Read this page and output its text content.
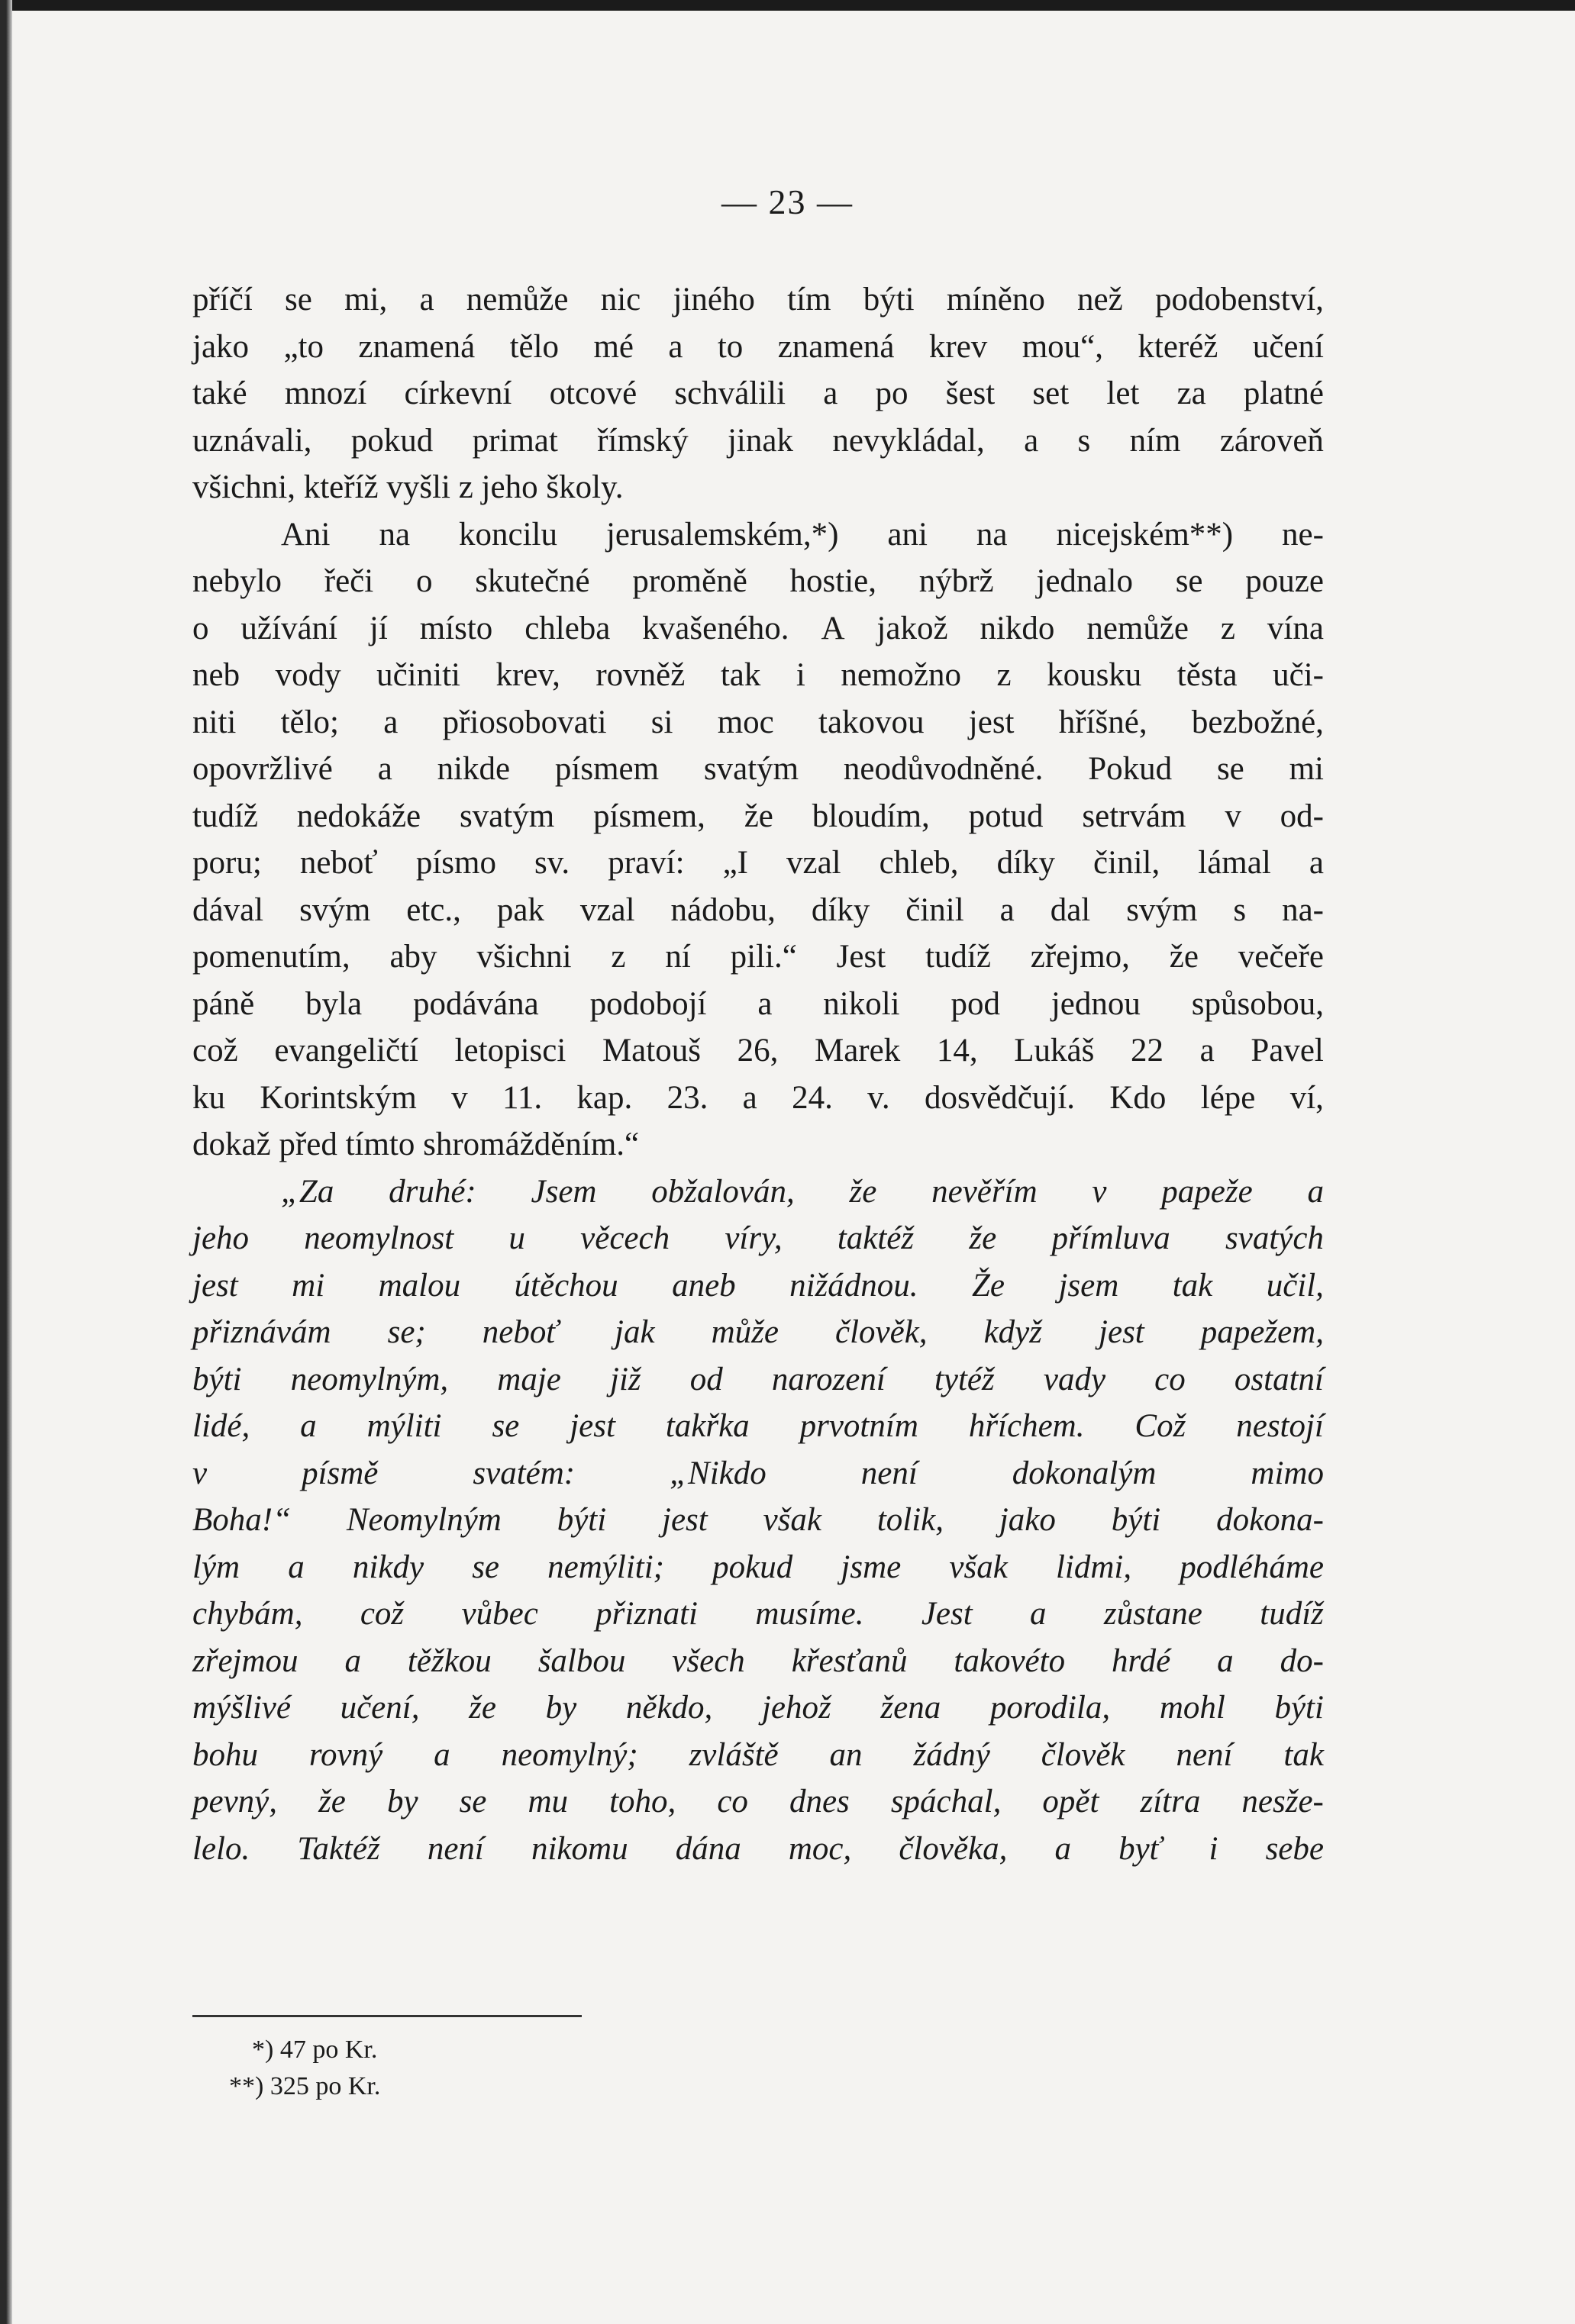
— 23 —
příčí se mi, a nemůže nic jiného tím býti míněno než podobenství,
jako „to znamená tělo mé a to znamená krev mou“, kteréž učení
také mnozí církevní otcové schválili a po šest set let za platné
uznávali, pokud primat římský jinak nevykládal, a s ním zároveň
všichni, kteříž vyšli z jeho školy.
Ani na koncilu jerusalemském,*) ani na nicejském**) ne-
nebylo řeči o skutečné proměně hostie, nýbrž jednalo se pouze
o užívání jí místo chleba kvašeného. A jakož nikdo nemůže z vína
neb vody učiniti krev, rovněž tak i nemožno z kousku těsta uči-
niti tělo; a přiosobovati si moc takovou jest hříšné, bezbožné,
opovržlivé a nikde písmem svatým neodůvodněné. Pokud se mi
tudíž nedokáže svatým písmem, že bloudím, potud setrvám v od-
poru; neboť písmo sv. praví: „I vzal chleb, díky činil, lámal a
dával svým etc., pak vzal nádobu, díky činil a dal svým s na-
pomenutím, aby všichni z ní pili.“ Jest tudíž zřejmo, že večeře
páně byla podávána podobojí a nikoli pod jednou spůsobou,
což evangeličtí letopisci Matouš 26, Marek 14, Lukáš 22 a Pavel
ku Korintským v 11. kap. 23. a 24. v. dosvědčují. Kdo lépe ví,
dokaž před tímto shromážděním.“
„Za druhé: Jsem obžalován, že nevěřím v papeže a
jeho neomylnost u věcech víry, taktéž že přímluva svatých
jest mi malou útěchou aneb nižádnou. Že jsem tak učil,
přiznávám se; neboť jak může člověk, když jest papežem,
býti neomylným, maje již od narození tytéž vady co ostatní
lidé, a mýliti se jest takřka prvotním hříchem. Což nestojí
v	písmě	svatém:	„Nikdo	není	dokonalým	mimo
Boha!“ Neomylným býti jest však tolik, jako býti dokona-
lým a nikdy se nemýliti; pokud jsme však lidmi, podléháme
chybám, což vůbec přiznati musíme. Jest a zůstane tudíž
zřejmou a těžkou šalbou všech křesťanů takovéto hrdé a do-
mýšlivé učení, že by někdo, jehož žena porodila, mohl býti
bohu rovný a neomylný; zvláště an žádný člověk není tak
pevný, že by se mu toho, co dnes spáchal, opět zítra nesže-
lelo. Taktéž není nikomu dána moc, člověka, a byť i sebe
*) 47 po Kr.
**) 325 po Kr.
